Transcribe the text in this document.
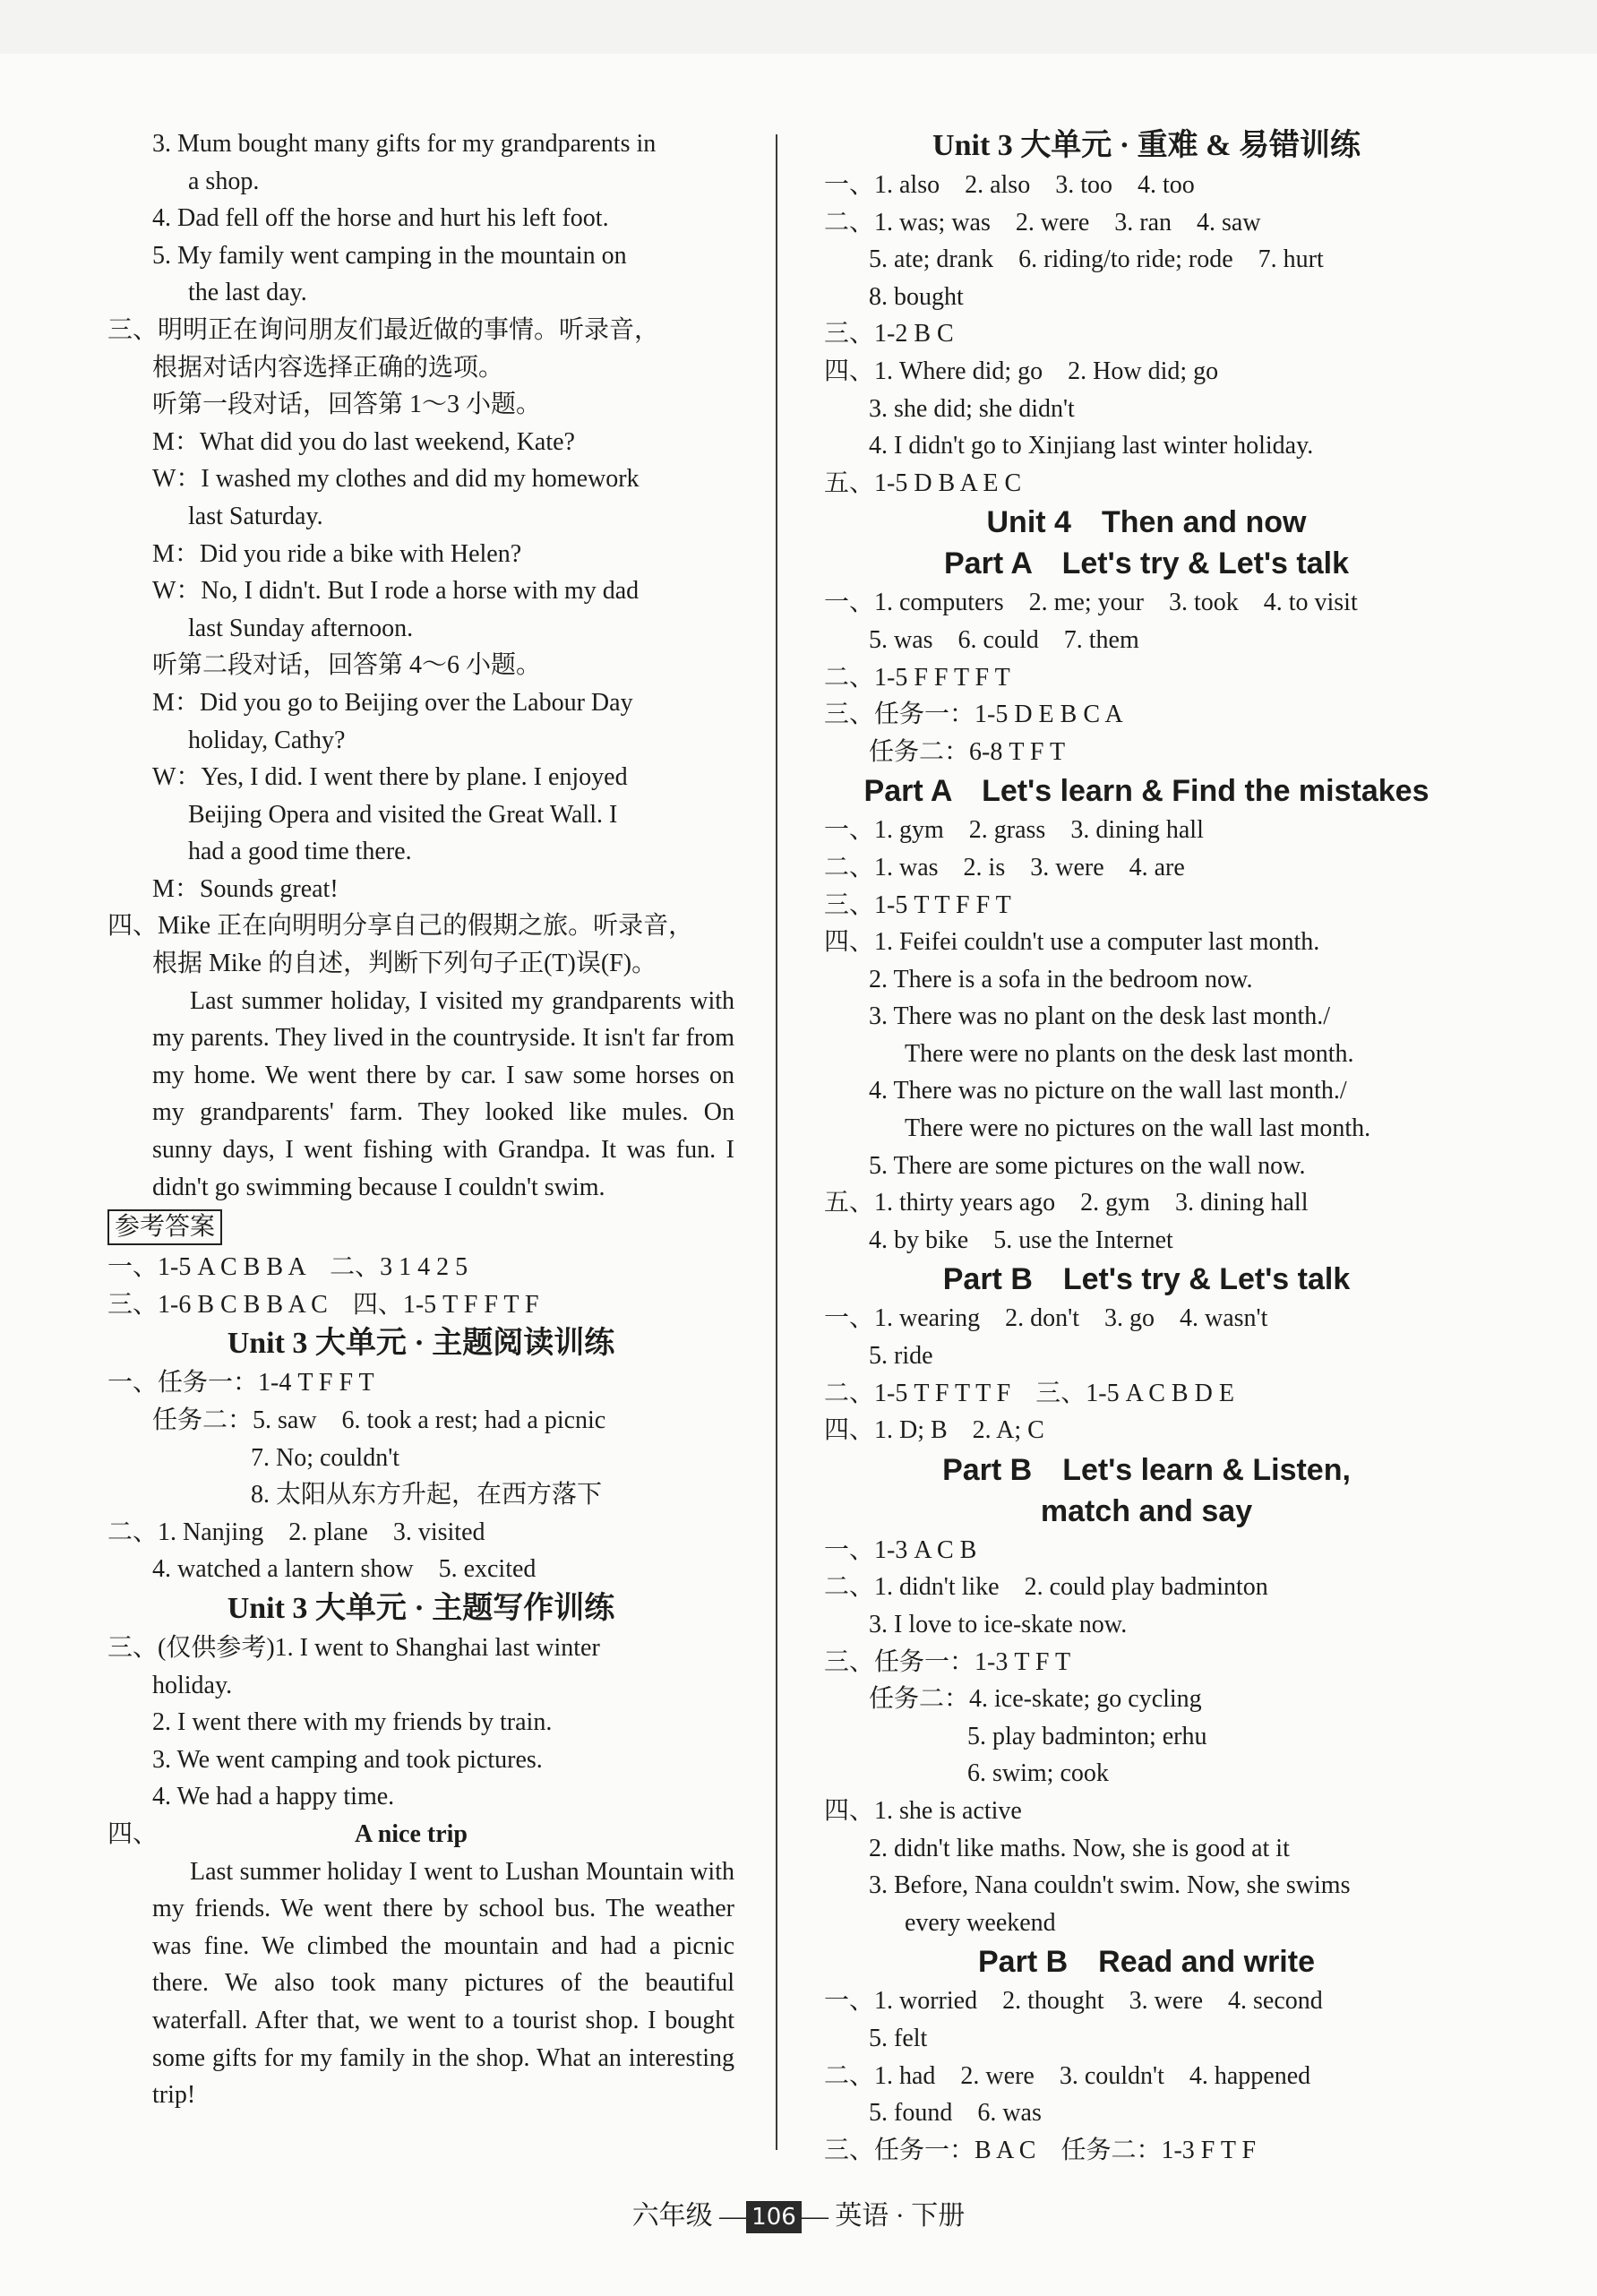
3. Mum bought many gifts for my grandparents in
a shop.
4. Dad fell off the horse and hurt his left foot.
5. My family went camping in the mountain on
the last day.
三、明明正在询问朋友们最近做的事情。听录音，
根据对话内容选择正确的选项。
听第一段对话，回答第 1～3 小题。
M：What did you do last weekend, Kate?
W：I washed my clothes and did my homework
last Saturday.
M：Did you ride a bike with Helen?
W：No, I didn't. But I rode a horse with my dad
last Sunday afternoon.
听第二段对话，回答第 4～6 小题。
M：Did you go to Beijing over the Labour Day
holiday, Cathy?
W：Yes, I did. I went there by plane. I enjoyed
Beijing Opera and visited the Great Wall. I
had a good time there.
M：Sounds great!
四、Mike 正在向明明分享自己的假期之旅。听录音，
根据 Mike 的自述，判断下列句子正(T)误(F)。
Last summer holiday, I visited my grandparents with my parents. They lived in the countryside. It isn't far from my home. We went there by car. I saw some horses on my grandparents' farm. They looked like mules. On sunny days, I went fishing with Grandpa. It was fun. I didn't go swimming because I couldn't swim.
参考答案
一、1-5 A C B B A　二、3 1 4 2 5
三、1-6 B C B B A C　四、1-5 T F F T F
Unit 3 大单元 · 主题阅读训练
一、任务一：1-4 T F F T
任务二：5. saw　6. took a rest; had a picnic
7. No; couldn't
8. 太阳从东方升起，在西方落下
二、1. Nanjing　2. plane　3. visited
4. watched a lantern show　5. excited
Unit 3 大单元 · 主题写作训练
三、(仅供参考)1. I went to Shanghai last winter
holiday.
2. I went there with my friends by train.
3. We went camping and took pictures.
4. We had a happy time.
四、	A nice trip
Last summer holiday I went to Lushan Mountain with my friends. We went there by school bus. The weather was fine. We climbed the mountain and had a picnic there. We also took many pictures of the beautiful waterfall. After that, we went to a tourist shop. I bought some gifts for my family in the shop. What an interesting trip!
Unit 3 大单元 · 重难 & 易错训练
一、1. also　2. also　3. too　4. too
二、1. was; was　2. were　3. ran　4. saw
5. ate; drank　6. riding/to ride; rode　7. hurt
8. bought
三、1-2 B C
四、1. Where did; go　2. How did; go
3. she did; she didn't
4. I didn't go to Xinjiang last winter holiday.
五、1-5 D B A E C
Unit 4　Then and now
Part A　Let's try & Let's talk
一、1. computers　2. me; your　3. took　4. to visit
5. was　6. could　7. them
二、1-5 F F T F T
三、任务一：1-5 D E B C A
任务二：6-8 T F T
Part A　Let's learn & Find the mistakes
一、1. gym　2. grass　3. dining hall
二、1. was　2. is　3. were　4. are
三、1-5 T T F F T
四、1. Feifei couldn't use a computer last month.
2. There is a sofa in the bedroom now.
3. There was no plant on the desk last month./
There were no plants on the desk last month.
4. There was no picture on the wall last month./
There were no pictures on the wall last month.
5. There are some pictures on the wall now.
五、1. thirty years ago　2. gym　3. dining hall
4. by bike　5. use the Internet
Part B　Let's try & Let's talk
一、1. wearing　2. don't　3. go　4. wasn't
5. ride
二、1-5 T F T T F　三、1-5 A C B D E
四、1. D; B　2. A; C
Part B　Let's learn & Listen,
match and say
一、1-3 A C B
二、1. didn't like　2. could play badminton
3. I love to ice-skate now.
三、任务一：1-3 T F T
任务二：4. ice-skate; go cycling
5. play badminton; erhu
6. swim; cook
四、1. she is active
2. didn't like maths. Now, she is good at it
3. Before, Nana couldn't swim. Now, she swims
every weekend
Part B　Read and write
一、1. worried　2. thought　3. were　4. second
5. felt
二、1. had　2. were　3. couldn't　4. happened
5. found　6. was
三、任务一：B A C　任务二：1-3 F T F
六年级 — 106 — 英语 · 下册
